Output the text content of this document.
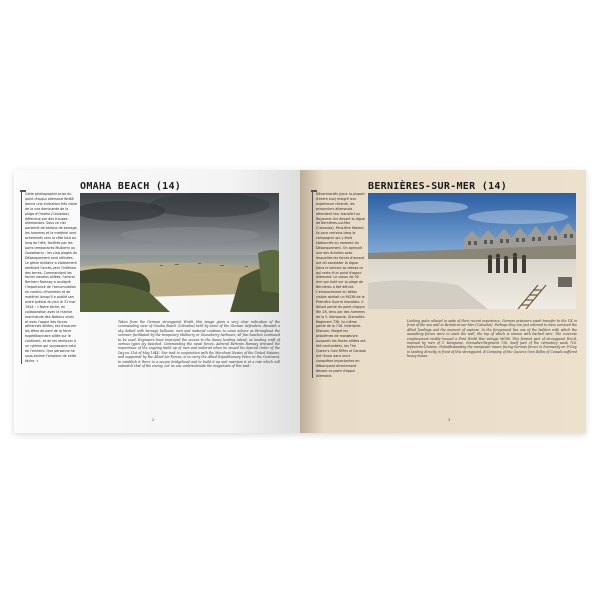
Cette photographie prise du point d'appui allemand Wn68 donne une indication très claire de la vue dominante de la plage d'Omaha (Calvados) défendue par des troupes allemandes. Sous ce ciel parsemé de ballons de barrage, les hommes et le matériel sont acheminés vers la côte tout au long de l'été, facilités par les ports temporaires Mulberry ou Gooseberry ; les cinq plages du Débarquement sont utilisées. Le génie militaire a visiblement amélioré l'accès vers l'intérieur des terres. Commandant les forces navales alliées, l'amiral Bertram Ramsay a souligné l'importance de l'accumulation en continu d'hommes et de matériel lorsqu'il a publié son ordre spécial du jour le 31 mai 1944 : « Notre tâche, en collaboration avec la marine marchande des Nations unies et avec l'appui des forces aériennes alliées, est d'assurer les têtes de pont de la force expéditionnaire alliée sur le continent, et de les renforcer à un rythme qui surpassera celui de l'ennemi. Que personne ne sous-estime l'ampleur de cette tâche. »
OMAHA BEACH (14)
Taken from the German strongpoint Wn68, this image gives a very clear indication of the commanding view of Omaha Beach (Calvados) held by some of the German defenders. Beneath a sky dotted with barrage balloons, men and material continue to come ashore as throughout the summer, facilitated by the temporary Mulberry or Gooseberry harbours; all five beaches continued to be used. Engineers have improved the access to the dunes leading inland, as landing craft of various types lay beached. Commanding the naval forces, Admiral Bertram Ramsay stressed the importance of the ongoing build up of men and material when he issued his Special Order of the Day on 31st of May 1944: 'Our task in conjunction with the Merchant Navies of the United Nations, and supported by the Allied Air Forces, is to carry the Allied Expeditionary Force to the Continent, to establish it there in a secure bridgehead and to build it up and maintain it at a rate which will outmatch that of the enemy. Let no one underestimate the magnitude of this task.'
2
Décontractés (pour la plupart d'entre eux) malgré leur expérience récente, les prisonniers allemands attendent leur transfert au Royaume-Uni devant la digue de Bernières-sur-Mer (Calvados). Peut-être étaient-ils pour certains dans la compagnie qui y était stationnée au moment du Débarquement. On aperçoit une des échelles avec lesquelles les forces d'assaut ont dû escalader la digue. Dans le lointain se dresse ce qui reste d'un point d'appui allemand. Le canon de 50 mm qui tirait sur la plage de Bernières a été détruit. L'emplacement en béton visible abritait un MG36 de la Première Guerre mondiale. Il faisait partie du point d'appui Wn 28, tenu par des hommes de la 5. Kompanie, Grenadier-Regiment 736, lui-même partie de la 716. Infanterie-Division. Malgré les problèmes de manœuvre auxquels les forces alliées ont été confrontées, les The Queen's Own Rifles of Canada ont réussi dans leurs conquêtes importantes en débarquant directement devant ce point d'appui allemand.
BERNIÈRES-SUR-MER (14)
Looking quite relaxed in spite of their recent experience, German prisoners await transfer to the UK in front of the sea wall in Bernières-sur-Mer (Calvados). Perhaps they are just relieved to have survived the Allied landings and the moment of capture. In the foreground lies one of the ladders with which the assaulting forces were to scale the wall, the top of which is strewn with barbed wire. The concrete emplacement visible housed a First World War vintage MG08. This formed part of strongpoint Wn28, manned by men of 5. Kompanie, Grenadier-Regiment 736, itself part of the retreating weak 716. Infanterie-Division. Notwithstanding the manpower issues facing German forces in Normandy on D-Day, in landing directly in front of this strongpoint, B Company of the Queen's Own Rifles of Canada suffered heavy losses.
3
